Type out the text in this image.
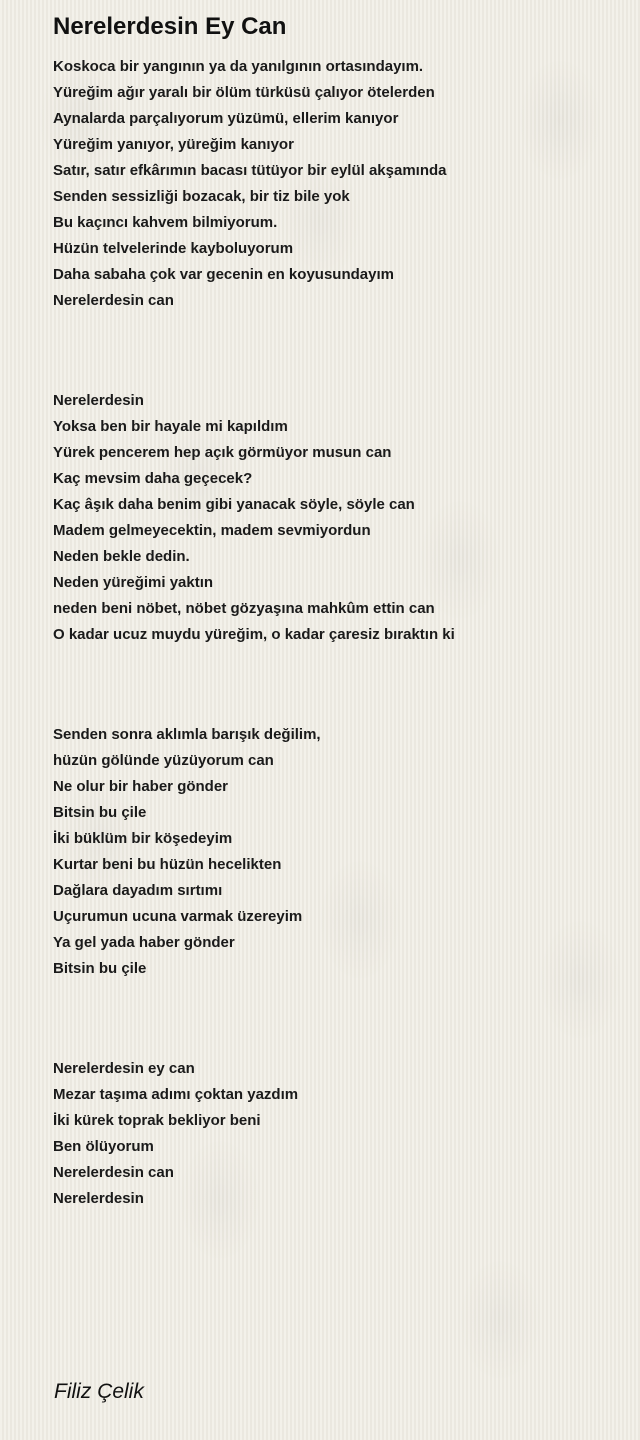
Nerelerdesin Ey Can
Koskoca bir yangının ya da yanılgının ortasındayım.
Yüreğim ağır yaralı bir ölüm türküsü çalıyor ötelerden
Aynalarda parçalıyorum yüzümü, ellerim kanıyor
Yüreğim yanıyor, yüreğim kanıyor
Satır, satır efkârımın bacası tütüyor bir eylül akşamında
Senden sessizliği bozacak, bir tiz bile yok
Bu kaçıncı kahvem bilmiyorum.
Hüzün telvelerinde kayboluyorum
Daha sabaha çok var gecenin en koyusundayım
Nerelerdesin can
Nerelerdesin
Yoksa ben bir hayale mi kapıldım
Yürek pencerem hep açık görmüyor musun can
Kaç mevsim daha geçecek?
Kaç âşık daha benim gibi yanacak söyle, söyle can
Madem gelmeyecektin, madem sevmiyordun
Neden bekle dedin.
Neden yüreğimi yaktın
neden beni nöbet, nöbet gözyaşına mahkûm ettin can
O kadar ucuz muydu yüreğim, o kadar çaresiz bıraktın ki
Senden sonra aklımla barışık değilim,
hüzün gölünde yüzüyorum can
Ne olur bir haber gönder
Bitsin bu çile
İki büklüm bir köşedeyim
Kurtar beni bu hüzün hecelikten
Dağlara dayadım sırtımı
Uçurumun ucuna varmak üzereyim
Ya gel yada haber gönder
Bitsin bu çile
Nerelerdesin ey can
Mezar taşıma adımı çoktan yazdım
İki kürek toprak bekliyor beni
Ben ölüyorum
Nerelerdesin can
Nerelerdesin
Filiz Çelik
